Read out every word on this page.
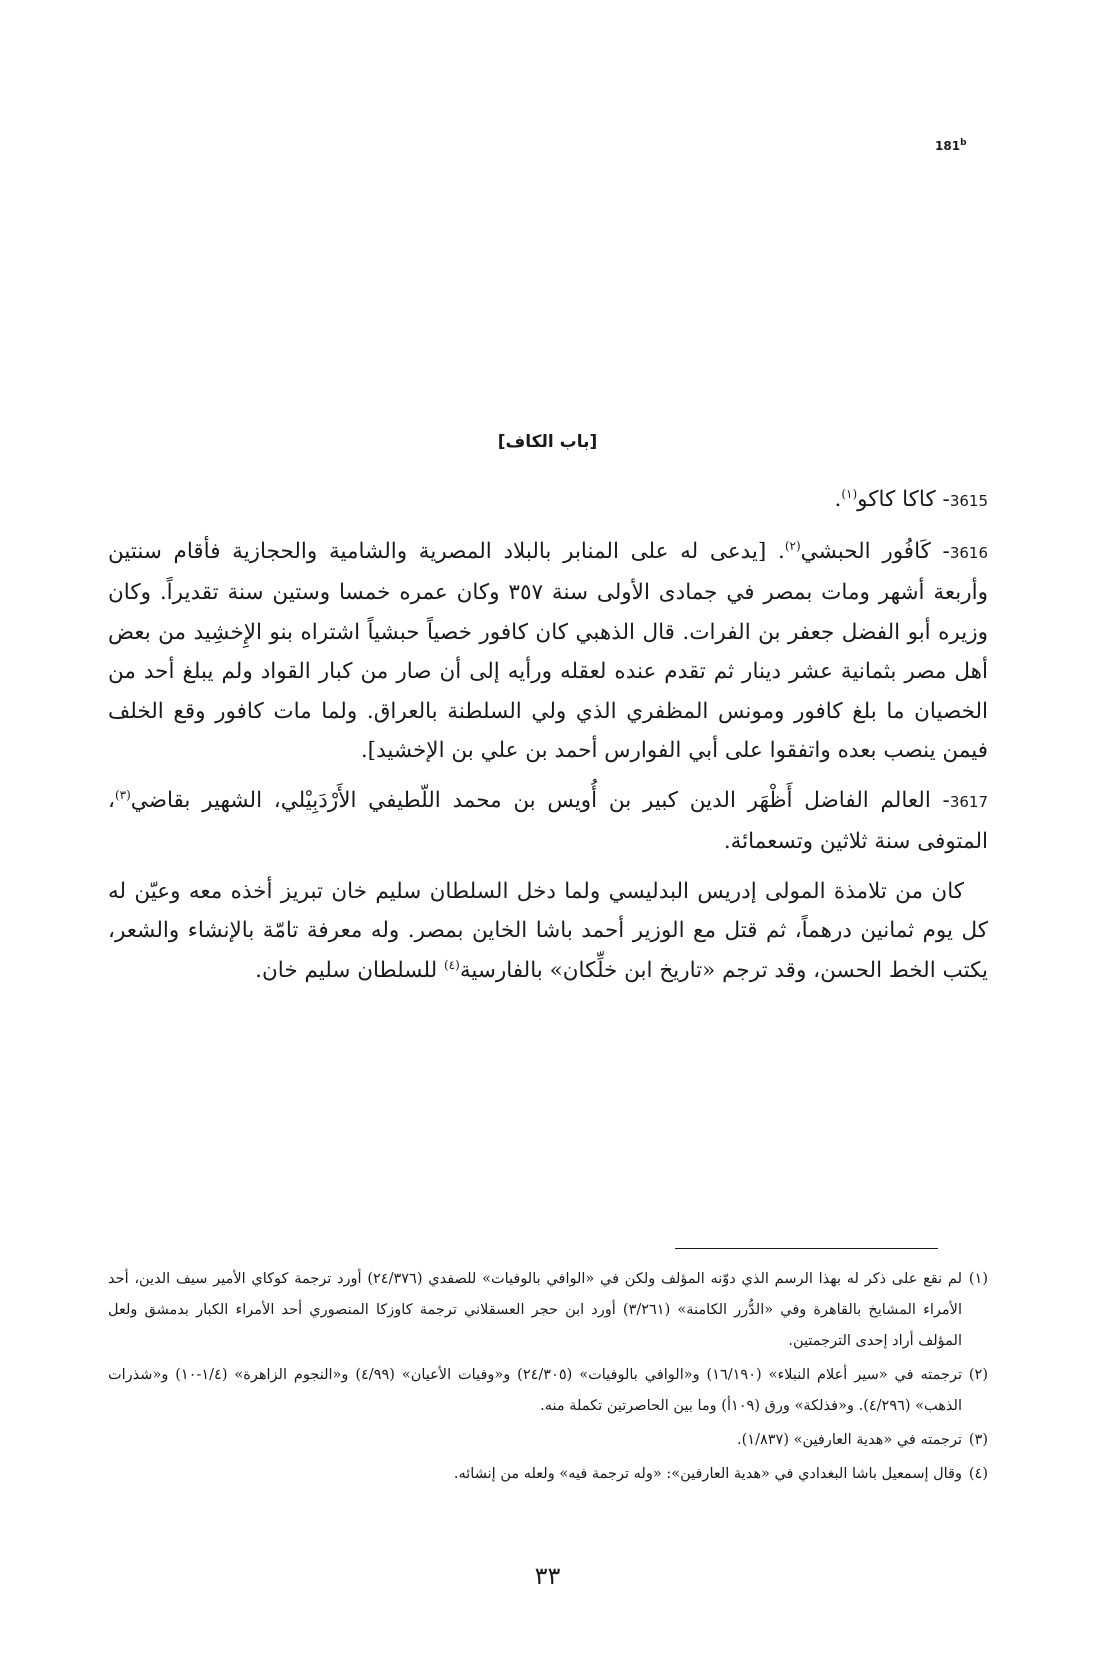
181$^b$
[باب الكاف]

3615- كاكا كاكو$^{(١)}$.

3616- كَافُور الحبشي$^{(٢)}$. [يدعى له على المنابر بالبلاد المصرية والشامية والحجازية فأقام سنتين وأربعة أشهر ومات بمصر في جمادى الأولى سنة ٣٥٧ وكان عمره خمسا وستين سنة تقديراً. وكان وزيره أبو الفضل جعفر بن الفرات. قال الذهبي كان كافور خصياً حبشياً اشتراه بنو الإِخشِيد من بعض أهل مصر بثمانية عشر دينار ثم تقدم عنده لعقله ورأيه إلى أن صار من كبار القواد ولم يبلغ أحد من الخصيان ما بلغ كافور ومونس المظفري الذي ولي السلطنة بالعراق. ولما مات كافور وقع الخلف فيمن ينصب بعده واتفقوا على أبي الفوارس أحمد بن علي بن الإخشيد].

3617- العالم الفاضل أَظْهَر الدين كبير بن أُويس بن محمد اللّطيفي الأَرْدَبِيْلي، الشهير بقاضي$^{(٣)}$، المتوفى سنة ثلاثين وتسعمائة.

كان من تلامذة المولى إدريس البدليسي ولما دخل السلطان سليم خان تبريز أخذه معه وعيّن له كل يوم ثمانين درهماً، ثم قتل مع الوزير أحمد باشا الخاين بمصر. وله معرفة تامّة بالإنشاء والشعر، يكتب الخط الحسن، وقد ترجم «تاريخ ابن خلِّكان» بالفارسية$^{(٤)}$ للسلطان سليم خان.

(١)
لم نقع على ذكر له بهذا الرسم الذي دوّنه المؤلف ولكن في «الوافي بالوفيات» للصفدي (٢٤/٣٧٦) أورد ترجمة كوكاي الأمير سيف الدين، أحد الأمراء المشايخ بالقاهرة وفي «الدُّرر الكامنة» (٣/٢٦١) أورد ابن حجر العسقلاني ترجمة كاوزكا المنصوري أحد الأمراء الكبار بدمشق ولعل المؤلف أراد إحدى الترجمتين.

(٢)
ترجمته في «سير أعلام النبلاء» (١٦/١٩٠) و«الوافي بالوفيات» (٢٤/٣٠٥) و«وفيات الأعيان» (٤/٩٩) و«النجوم الزاهرة» (١/٤-١٠) و«شذرات الذهب» (٤/٢٩٦). و«فذلكة» ورق (١٠٩أ) وما بين الحاصرتين تكملة منه.

(٣)
ترجمته في «هدية العارفين» (١/٨٣٧).

(٤)
وقال إسمعيل باشا البغدادي في «هدية العارفين»: «وله ترجمة فيه» ولعله من إنشائه.

٣٣
